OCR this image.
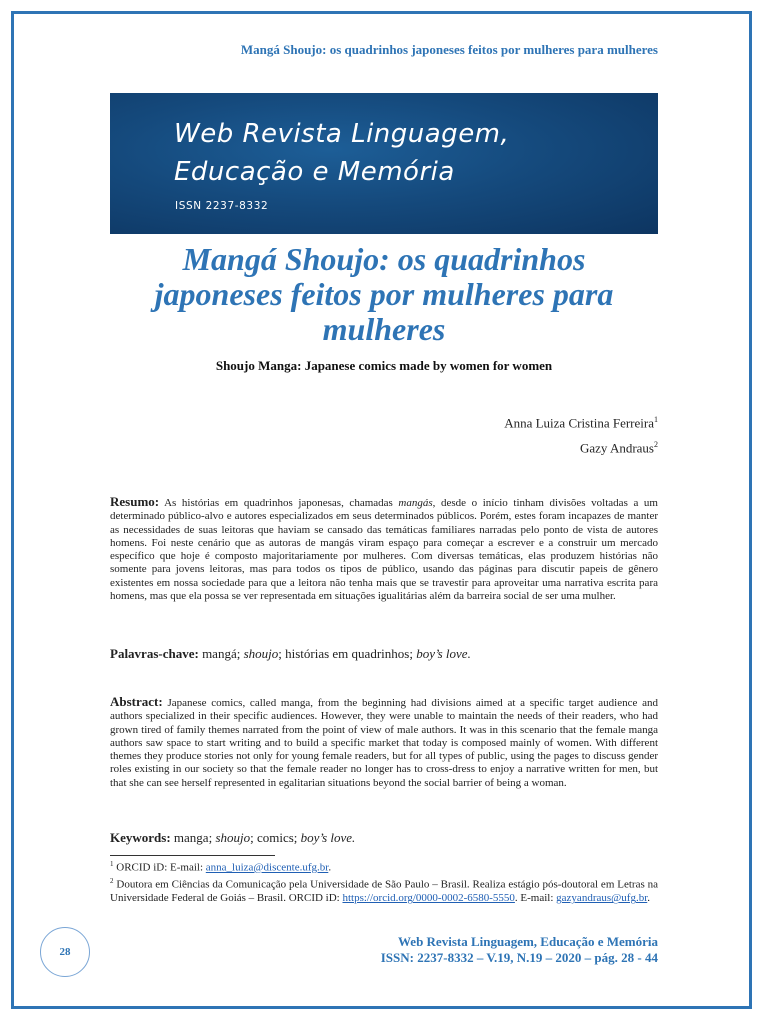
Mangá Shoujo: os quadrinhos japoneses feitos por mulheres para mulheres
Web Revista Linguagem,
Educação e Memória
ISSN 2237-8332
Mangá Shoujo: os quadrinhos
japoneses feitos por mulheres para
mulheres
Shoujo Manga: Japanese comics made by women for women
Anna Luiza Cristina Ferreira$^1$
Gazy Andraus$^2$
Resumo: As histórias em quadrinhos japonesas, chamadas mangás, desde o início tinham divisões voltadas a um determinado público-alvo e autores especializados em seus determinados públicos. Porém, estes foram incapazes de manter as necessidades de suas leitoras que haviam se cansado das temáticas familiares narradas pelo ponto de vista de autores homens. Foi neste cenário que as autoras de mangás viram espaço para começar a escrever e a construir um mercado específico que hoje é composto majoritariamente por mulheres. Com diversas temáticas, elas produzem histórias não somente para jovens leitoras, mas para todos os tipos de público, usando das páginas para discutir papeis de gênero existentes em nossa sociedade para que a leitora não tenha mais que se travestir para aproveitar uma narrativa escrita para homens, mas que ela possa se ver representada em situações igualitárias além da barreira social de ser uma mulher.
Palavras-chave: mangá; shoujo; histórias em quadrinhos; boy’s love.
Abstract: Japanese comics, called manga, from the beginning had divisions aimed at a specific target audience and authors specialized in their specific audiences. However, they were unable to maintain the needs of their readers, who had grown tired of family themes narrated from the point of view of male authors. It was in this scenario that the female manga authors saw space to start writing and to build a specific market that today is composed mainly of women. With different themes they produce stories not only for young female readers, but for all types of public, using the pages to discuss gender roles existing in our society so that the female reader no longer has to cross-dress to enjoy a narrative written for men, but that she can see herself represented in egalitarian situations beyond the social barrier of being a woman.
Keywords: manga; shoujo; comics; boy’s love.

$^1$ ORCID iD: E-mail: anna_luiza@discente.ufg.br.

$^2$ Doutora em Ciências da Comunicação pela Universidade de São Paulo – Brasil. Realiza estágio pós-doutoral em Letras na Universidade Federal de Goiás – Brasil. ORCID iD: https://orcid.org/0000-0002-6580-5550. E-mail: gazyandraus@ufg.br.

28
Web Revista Linguagem, Educação e Memória
ISSN: 2237-8332 – V.19, N.19 – 2020 – pág. 28 - 44
